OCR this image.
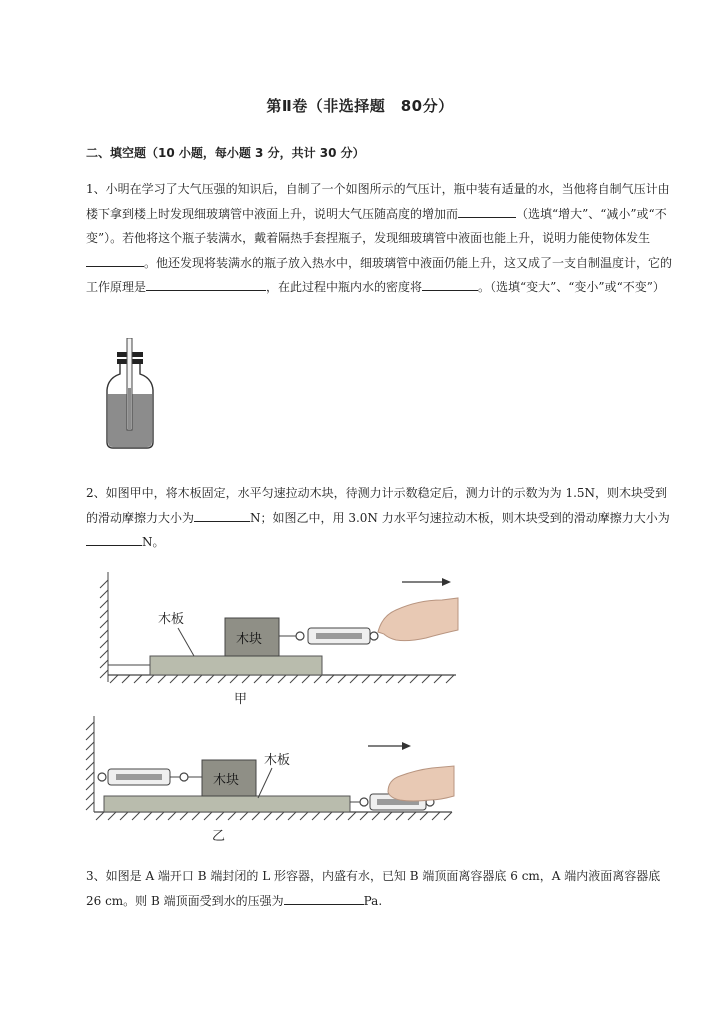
第Ⅱ卷（非选择题　80分）
二、填空题（10 小题，每小题 3 分，共计 30 分）
1、小明在学习了大气压强的知识后，自制了一个如图所示的气压计，瓶中装有适量的水，当他将自制气压计由楼下拿到楼上时发现细玻璃管中液面上升，说明大气压随高度的增加而	（选填“增大”、“减小”或“不变”）。若他将这个瓶子装满水，戴着隔热手套捏瓶子，发现细玻璃管中液面也能上升，说明力能使物体发生。他还发现将装满水的瓶子放入热水中，细玻璃管中液面仍能上升，这又成了一支自制温度计，它的工作原理是	，在此过程中瓶内水的密度将	。（选填“变大”、“变小”或“不变”）
2、如图甲中，将木板固定，水平匀速拉动木块，待测力计示数稳定后，测力计的示数为为 1.5N，则木块受到的滑动摩擦力大小为	N；如图乙中，用 3.0N 力水平匀速拉动木板，则木块受到的滑动摩擦力大小为N。
木板
木块
甲
木块
木板
乙
3、如图是 A 端开口 B 端封闭的 L 形容器，内盛有水，已知 B 端顶面离容器底 6 cm，A 端内液面离容器底 26 cm。则 B 端顶面受到水的压强为	Pa.
